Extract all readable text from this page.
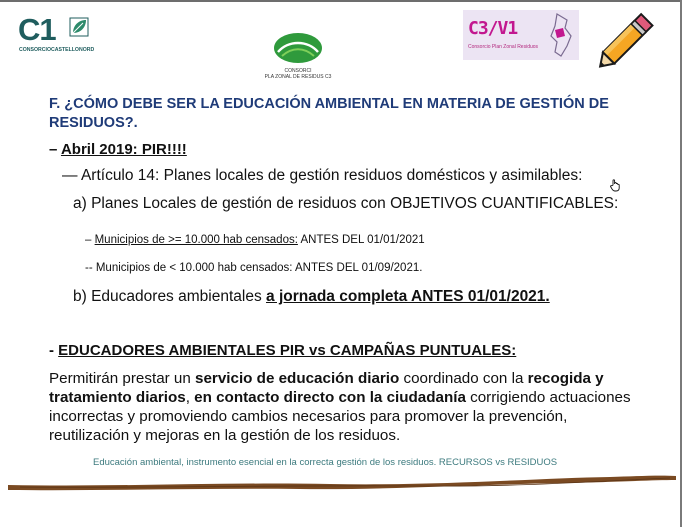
C1
CONSORCIOCASTELLONORD
CONSORCI
PLA ZONAL DE RESIDUS C3
C3/V1
Consorcio Plan Zonal Residuos
F. ¿CÓMO DEBE SER LA EDUCACIÓN AMBIENTAL EN MATERIA DE GESTIÓN DE RESIDUOS?.
– Abril 2019: PIR!!!!
— Artículo 14: Planes locales de gestión residuos domésticos y asimilables:
a) Planes Locales de gestión de residuos con OBJETIVOS CUANTIFICABLES:
– Municipios de >= 10.000 hab censados: ANTES DEL 01/01/2021
-- Municipios de < 10.000 hab censados: ANTES DEL 01/09/2021.
b) Educadores ambientales a jornada completa ANTES 01/01/2021.
- EDUCADORES AMBIENTALES PIR vs CAMPAÑAS PUNTUALES:
Permitirán prestar un servicio de educación diario coordinado con la recogida y tratamiento diarios, en contacto directo con la ciudadanía corrigiendo actuaciones incorrectas y promoviendo cambios necesarios para promover la prevención, reutilización y mejoras en la gestión de los residuos.
Educación ambiental, instrumento esencial en la correcta gestión de los residuos. RECURSOS vs RESIDUOS
